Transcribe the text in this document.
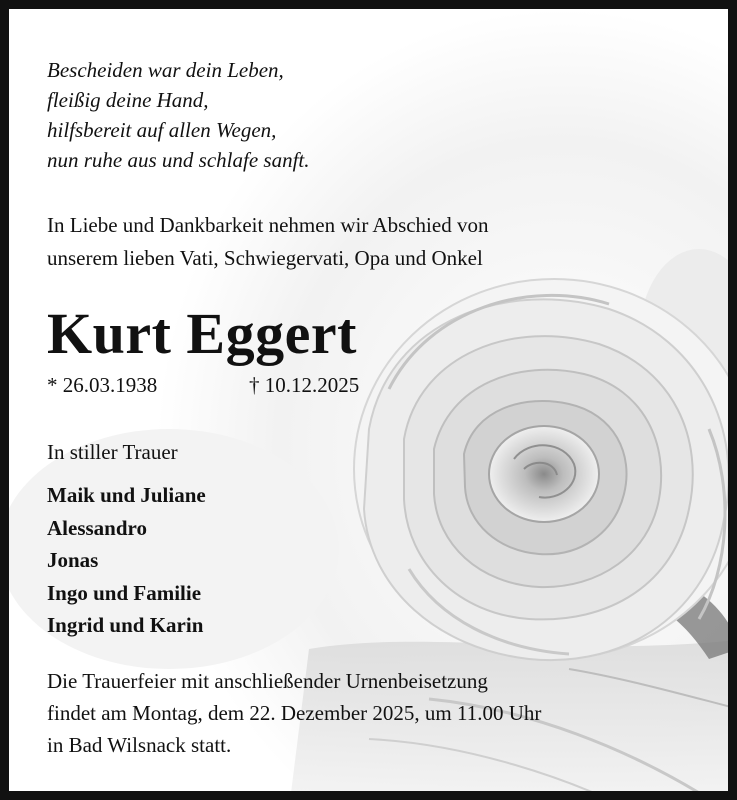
Bescheiden war dein Leben,
fleißig deine Hand,
hilfsbereit auf allen Wegen,
nun ruhe aus und schlafe sanft.
In Liebe und Dankbarkeit nehmen wir Abschied von
unserem lieben Vati, Schwiegervati, Opa und Onkel
Kurt Eggert
* 26.03.1938	† 10.12.2025
In stiller Trauer
Maik und Juliane
Alessandro
Jonas
Ingo und Familie
Ingrid und Karin
Die Trauerfeier mit anschließender Urnenbeisetzung
findet am Montag, dem 22. Dezember 2025, um 11.00 Uhr
in Bad Wilsnack statt.
